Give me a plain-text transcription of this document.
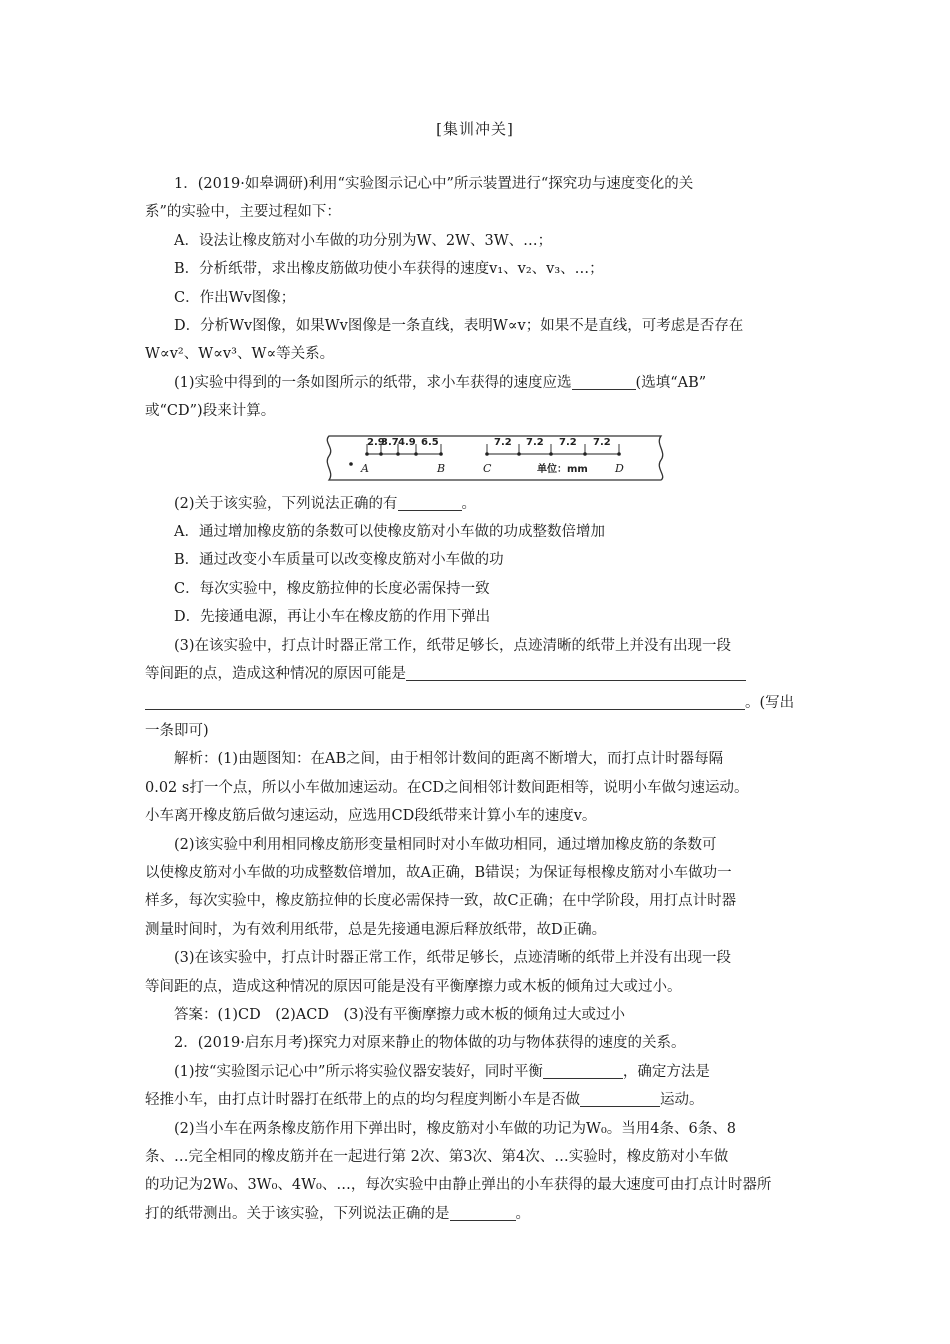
[集训冲关]

1．(2019·如皋调研)利用“实验图示记心中”所示装置进行“探究功与速度变化的关

系”的实验中，主要过程如下：

A．设法让橡皮筋对小车做的功分别为W、2W、3W、…；

B．分析纸带，求出橡皮筋做功使小车获得的速度v₁、v₂、v₃、…；

C．作出Wv图像；

D．分析Wv图像，如果Wv图像是一条直线，表明W∝v；如果不是直线，可考虑是否存在

W∝v²、W∝v³、W∝等关系。

(1)实验中得到的一条如图所示的纸带，求小车获得的速度应选	(选填“AB”

或“CD”)段来计算。

2.9
3.7 4.9 6.5	7.2 7.2 7.2 7.2
A	B	C	单位：mm D

(2)关于该实验，下列说法正确的有	。

A．通过增加橡皮筋的条数可以使橡皮筋对小车做的功成整数倍增加

B．通过改变小车质量可以改变橡皮筋对小车做的功

C．每次实验中，橡皮筋拉伸的长度必需保持一致

D．先接通电源，再让小车在橡皮筋的作用下弹出

(3)在该实验中，打点计时器正常工作，纸带足够长，点迹清晰的纸带上并没有出现一段

等间距的点，造成这种情况的原因可能是

。(写出

一条即可)

解析：(1)由题图知：在AB之间，由于相邻计数间的距离不断增大，而打点计时器每隔

0.02 s打一个点，所以小车做加速运动。在CD之间相邻计数间距相等，说明小车做匀速运动。

小车离开橡皮筋后做匀速运动，应选用CD段纸带来计算小车的速度v。

(2)该实验中利用相同橡皮筋形变量相同时对小车做功相同，通过增加橡皮筋的条数可

以使橡皮筋对小车做的功成整数倍增加，故A正确，B错误；为保证每根橡皮筋对小车做功一

样多，每次实验中，橡皮筋拉伸的长度必需保持一致，故C正确；在中学阶段，用打点计时器

测量时间时，为有效利用纸带，总是先接通电源后释放纸带，故D正确。

(3)在该实验中，打点计时器正常工作，纸带足够长，点迹清晰的纸带上并没有出现一段

等间距的点，造成这种情况的原因可能是没有平衡摩擦力或木板的倾角过大或过小。

答案：(1)CD　(2)ACD　(3)没有平衡摩擦力或木板的倾角过大或过小

2．(2019·启东月考)探究力对原来静止的物体做的功与物体获得的速度的关系。

(1)按“实验图示记心中”所示将实验仪器安装好，同时平衡	，确定方法是

轻推小车，由打点计时器打在纸带上的点的均匀程度判断小车是否做	运动。

(2)当小车在两条橡皮筋作用下弹出时，橡皮筋对小车做的功记为W₀。当用4条、6条、8

条、…完全相同的橡皮筋并在一起进行第 2次、第3次、第4次、…实验时，橡皮筋对小车做

的功记为2W₀、3W₀、4W₀、…，每次实验中由静止弹出的小车获得的最大速度可由打点计时器所

打的纸带测出。关于该实验，下列说法正确的是	。
